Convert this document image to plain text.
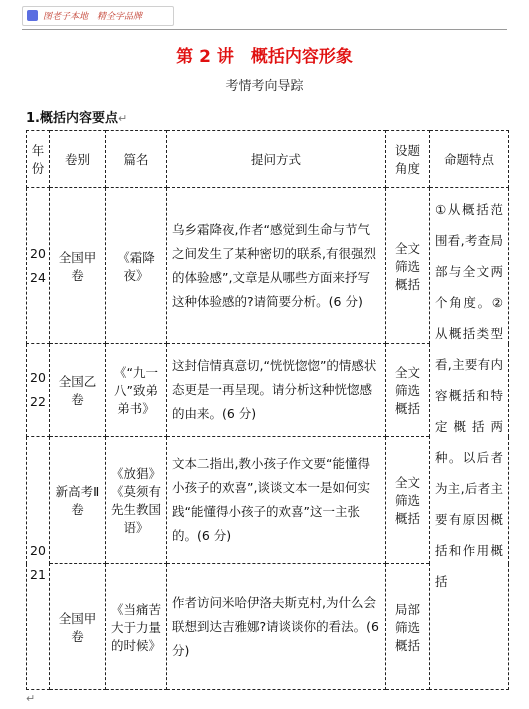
图老子本地　精全字品牌
第 2 讲　概括内容形象
考情考向导踪
1.概括内容要点↵
年份	卷别	篇名	提问方式	设题角度	命题特点
2024	全国甲卷	《霜降夜》	乌乡霜降夜,作者“感觉到生命与节气之间发生了某种密切的联系,有很强烈的体验感”,文章是从哪些方面来抒写这种体验感的?请简要分析。(6 分)	全文筛选概括	①从概括范围看,考查局部与全文两个角度。②从概括类型看,主要有内容概括和特定概括两种。以后者为主,后者主要有原因概括和作用概括
2022	全国乙卷	《“九一八”致弟弟书》	这封信情真意切,“恍恍惚惚”的情感状态更是一再呈现。请分析这种恍惚感的由来。(6 分)	全文筛选概括	
2021	新高考Ⅱ卷	《放猖》《莫须有先生教国语》	文本二指出,教小孩子作文要“能懂得小孩子的欢喜”,谈谈文本一是如何实践“能懂得小孩子的欢喜”这一主张的。(6 分)	全文筛选概括	
	全国甲卷	《当痛苦大于力量的时候》	作者访问米哈伊洛夫斯克村,为什么会联想到达吉雅娜?请谈谈你的看法。(6 分)	局部筛选概括	
↵
